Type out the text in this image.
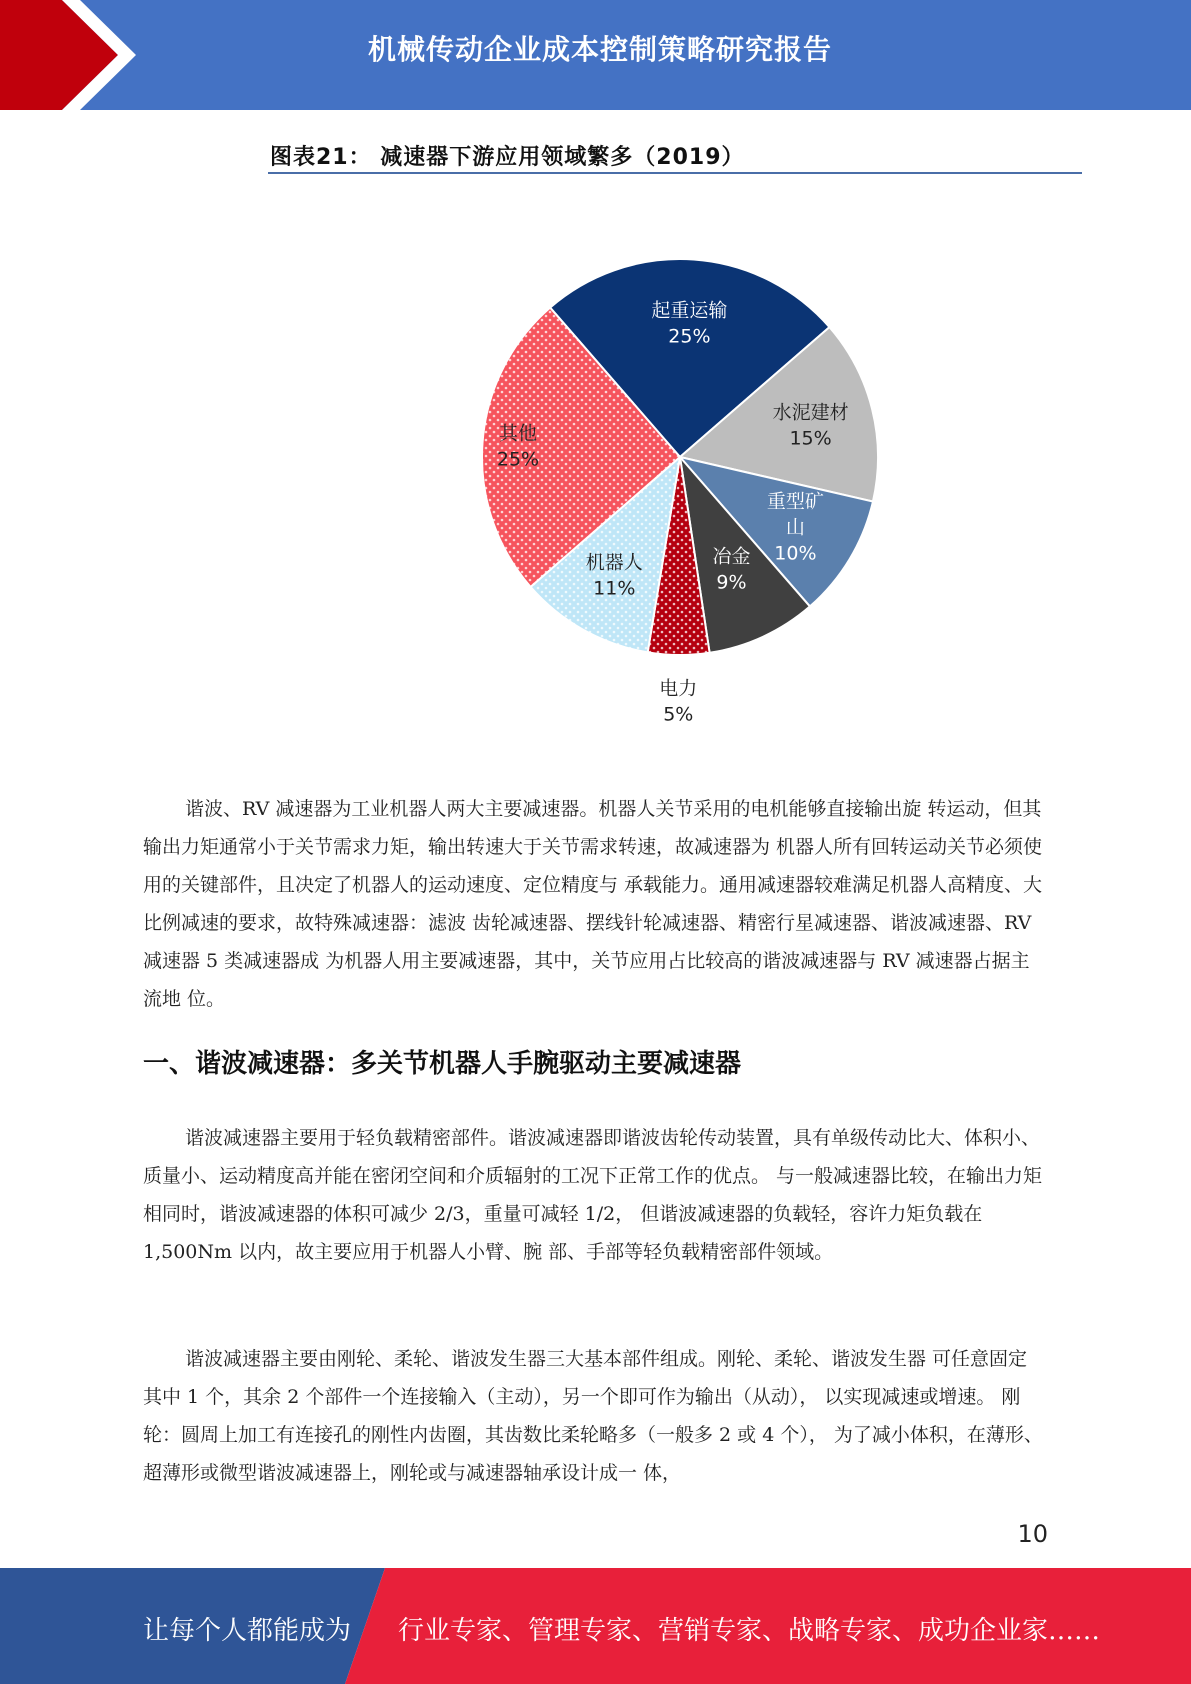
机械传动企业成本控制策略研究报告
图表21： 减速器下游应用领域繁多（2019）
起重运输
25%
水泥建材
15%
重型矿
山
10%
冶金
9%
电力
5%
机器人
11%
其他
25%

谐波、RV 减速器为工业机器人两大主要减速器。机器人关节采用的电机能够直接输出旋 转运动，但其输出力矩通常小于关节需求力矩，输出转速大于关节需求转速，故减速器为 机器人所有回转运动关节必须使用的关键部件，且决定了机器人的运动速度、定位精度与 承载能力。通用减速器较难满足机器人高精度、大比例减速的要求，故特殊减速器：滤波 齿轮减速器、摆线针轮减速器、精密行星减速器、谐波减速器、RV 减速器 5 类减速器成 为机器人用主要减速器，其中，关节应用占比较高的谐波减速器与 RV 减速器占据主流地 位。

一、谐波减速器：多关节机器人手腕驱动主要减速器

谐波减速器主要用于轻负载精密部件。谐波减速器即谐波齿轮传动装置，具有单级传动比大、体积小、质量小、运动精度高并能在密闭空间和介质辐射的工况下正常工作的优点。 与一般减速器比较，在输出力矩相同时，谐波减速器的体积可减少 2/3，重量可减轻 1/2， 但谐波减速器的负载轻，容许力矩负载在 1,500Nm 以内，故主要应用于机器人小臂、腕 部、手部等轻负载精密部件领域。

谐波减速器主要由刚轮、柔轮、谐波发生器三大基本部件组成。刚轮、柔轮、谐波发生器 可任意固定其中 1 个，其余 2 个部件一个连接输入（主动），另一个即可作为输出（从动）， 以实现减速或增速。 刚轮：圆周上加工有连接孔的刚性内齿圈，其齿数比柔轮略多（一般多 2 或 4 个）， 为了减小体积，在薄形、超薄形或微型谐波减速器上，刚轮或与减速器轴承设计成一 体，

10
让每个人都能成为 行业专家、管理专家、营销专家、战略专家、成功企业家……
